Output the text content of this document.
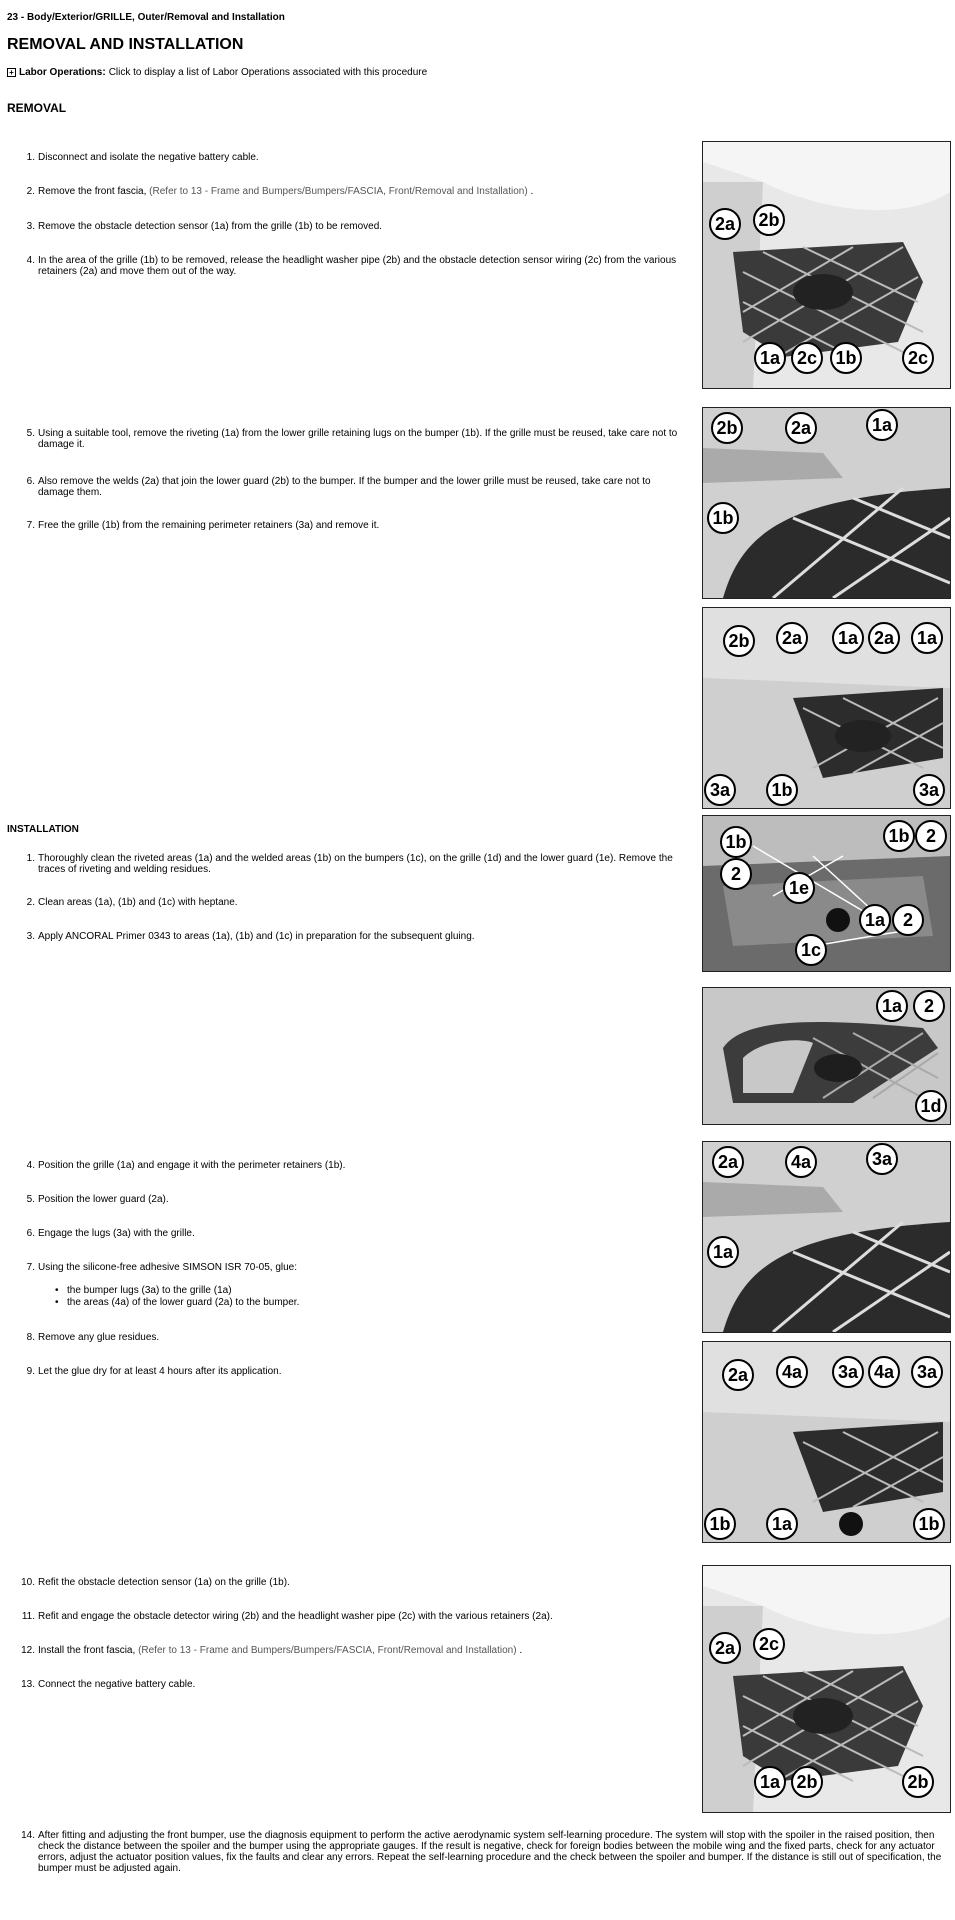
23 - Body/Exterior/GRILLE, Outer/Removal and Installation
REMOVAL AND INSTALLATION
+ Labor Operations: Click to display a list of Labor Operations associated with this procedure
REMOVAL
1. Disconnect and isolate the negative battery cable.
2. Remove the front fascia, (Refer to 13 - Frame and Bumpers/Bumpers/FASCIA, Front/Removal and Installation) .
3. Remove the obstacle detection sensor (1a) from the grille (1b) to be removed.
4. In the area of the grille (1b) to be removed, release the headlight washer pipe (2b) and the obstacle detection sensor wiring (2c) from the various retainers (2a) and move them out of the way.
5. Using a suitable tool, remove the riveting (1a) from the lower grille retaining lugs on the bumper (1b). If the grille must be reused, take care not to damage it.
6. Also remove the welds (2a) that join the lower guard (2b) to the bumper. If the bumper and the lower grille must be reused, take care not to damage them.
7. Free the grille (1b) from the remaining perimeter retainers (3a) and remove it.
INSTALLATION
1. Thoroughly clean the riveted areas (1a) and the welded areas (1b) on the bumpers (1c), on the grille (1d) and the lower guard (1e). Remove the traces of riveting and welding residues.
2. Clean areas (1a), (1b) and (1c) with heptane.
3. Apply ANCORAL Primer 0343 to areas (1a), (1b) and (1c) in preparation for the subsequent gluing.
4. Position the grille (1a) and engage it with the perimeter retainers (1b).
5. Position the lower guard (2a).
6. Engage the lugs (3a) with the grille.
7. Using the silicone-free adhesive SIMSON ISR 70-05, glue:
• the bumper lugs (3a) to the grille (1a)
• the areas (4a) of the lower guard (2a) to the bumper.
8. Remove any glue residues.
9. Let the glue dry for at least 4 hours after its application.
10. Refit the obstacle detection sensor (1a) on the grille (1b).
11. Refit and engage the obstacle detector wiring (2b) and the headlight washer pipe (2c) with the various retainers (2a).
12. Install the front fascia, (Refer to 13 - Frame and Bumpers/Bumpers/FASCIA, Front/Removal and Installation) .
13. Connect the negative battery cable.
14. After fitting and adjusting the front bumper, use the diagnosis equipment to perform the active aerodynamic system self-learning procedure. The system will stop with the spoiler in the raised position, then check the distance between the spoiler and the bumper using the appropriate gauges. If the result is negative, check for foreign bodies between the mobile wing and the fixed parts, check for any actuator errors, adjust the actuator position values, fix the faults and clear any errors. Repeat the self-learning procedure and the check between the spoiler and bumper. If the distance is still out of specification, the bumper must be adjusted again.
2a 2b
1a 2c 1b	2c
2b	2a	1a
1b
2b 2a 1a 2a 1a
3a 1b	3a
1b	1b 2
2
1e
1a 2
1c
1a 2
1d
2a	4a	3a
1a
2a 4a 3a 4a 3a
1b 1a	1b
2a 2c
1a 2b	2b
